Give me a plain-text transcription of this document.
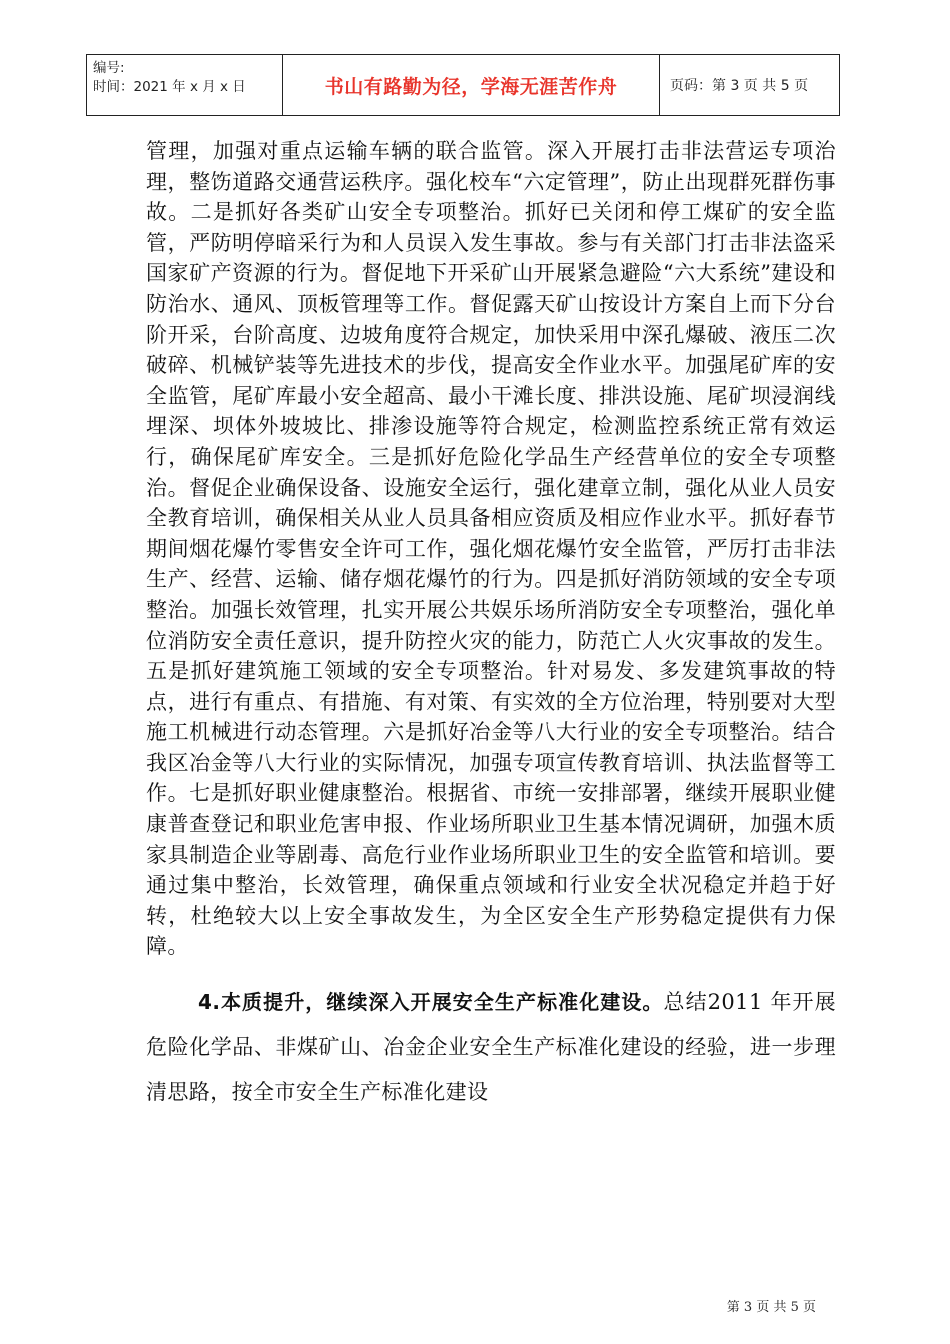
编号:
时间：2021 年 x 月 x 日	书山有路勤为径，学海无涯苦作舟	页码：第 3 页 共 5 页

管理，加强对重点运输车辆的联合监管。深入开展打击非法营运专项治理，整饬道路交通营运秩序。强化校车“六定管理”，防止出现群死群伤事故。二是抓好各类矿山安全专项整治。抓好已关闭和停工煤矿的安全监管，严防明停暗采行为和人员误入发生事故。参与有关部门打击非法盗采国家矿产资源的行为。督促地下开采矿山开展紧急避险“六大系统”建设和防治水、通风、顶板管理等工作。督促露天矿山按设计方案自上而下分台阶开采，台阶高度、边坡角度符合规定，加快采用中深孔爆破、液压二次破碎、机械铲装等先进技术的步伐，提高安全作业水平。加强尾矿库的安全监管，尾矿库最小安全超高、最小干滩长度、排洪设施、尾矿坝浸润线埋深、坝体外坡坡比、排渗设施等符合规定，检测监控系统正常有效运行，确保尾矿库安全。三是抓好危险化学品生产经营单位的安全专项整治。督促企业确保设备、设施安全运行，强化建章立制，强化从业人员安全教育培训，确保相关从业人员具备相应资质及相应作业水平。抓好春节期间烟花爆竹零售安全许可工作，强化烟花爆竹安全监管，严厉打击非法生产、经营、运输、储存烟花爆竹的行为。四是抓好消防领域的安全专项整治。加强长效管理，扎实开展公共娱乐场所消防安全专项整治，强化单位消防安全责任意识，提升防控火灾的能力，防范亡人火灾事故的发生。五是抓好建筑施工领域的安全专项整治。针对易发、多发建筑事故的特点，进行有重点、有措施、有对策、有实效的全方位治理，特别要对大型施工机械进行动态管理。六是抓好冶金等八大行业的安全专项整治。结合我区冶金等八大行业的实际情况，加强专项宣传教育培训、执法监督等工作。七是抓好职业健康整治。根据省、市统一安排部署，继续开展职业健康普查登记和职业危害申报、作业场所职业卫生基本情况调研，加强木质家具制造企业等剧毒、高危行业作业场所职业卫生的安全监管和培训。要通过集中整治，长效管理，确保重点领域和行业安全状况稳定并趋于好转，杜绝较大以上安全事故发生，为全区安全生产形势稳定提供有力保障。

4.本质提升，继续深入开展安全生产标准化建设。总结2011 年开展危险化学品、非煤矿山、冶金企业安全生产标准化建设的经验，进一步理清思路，按全市安全生产标准化建设

第 3 页 共 5 页
